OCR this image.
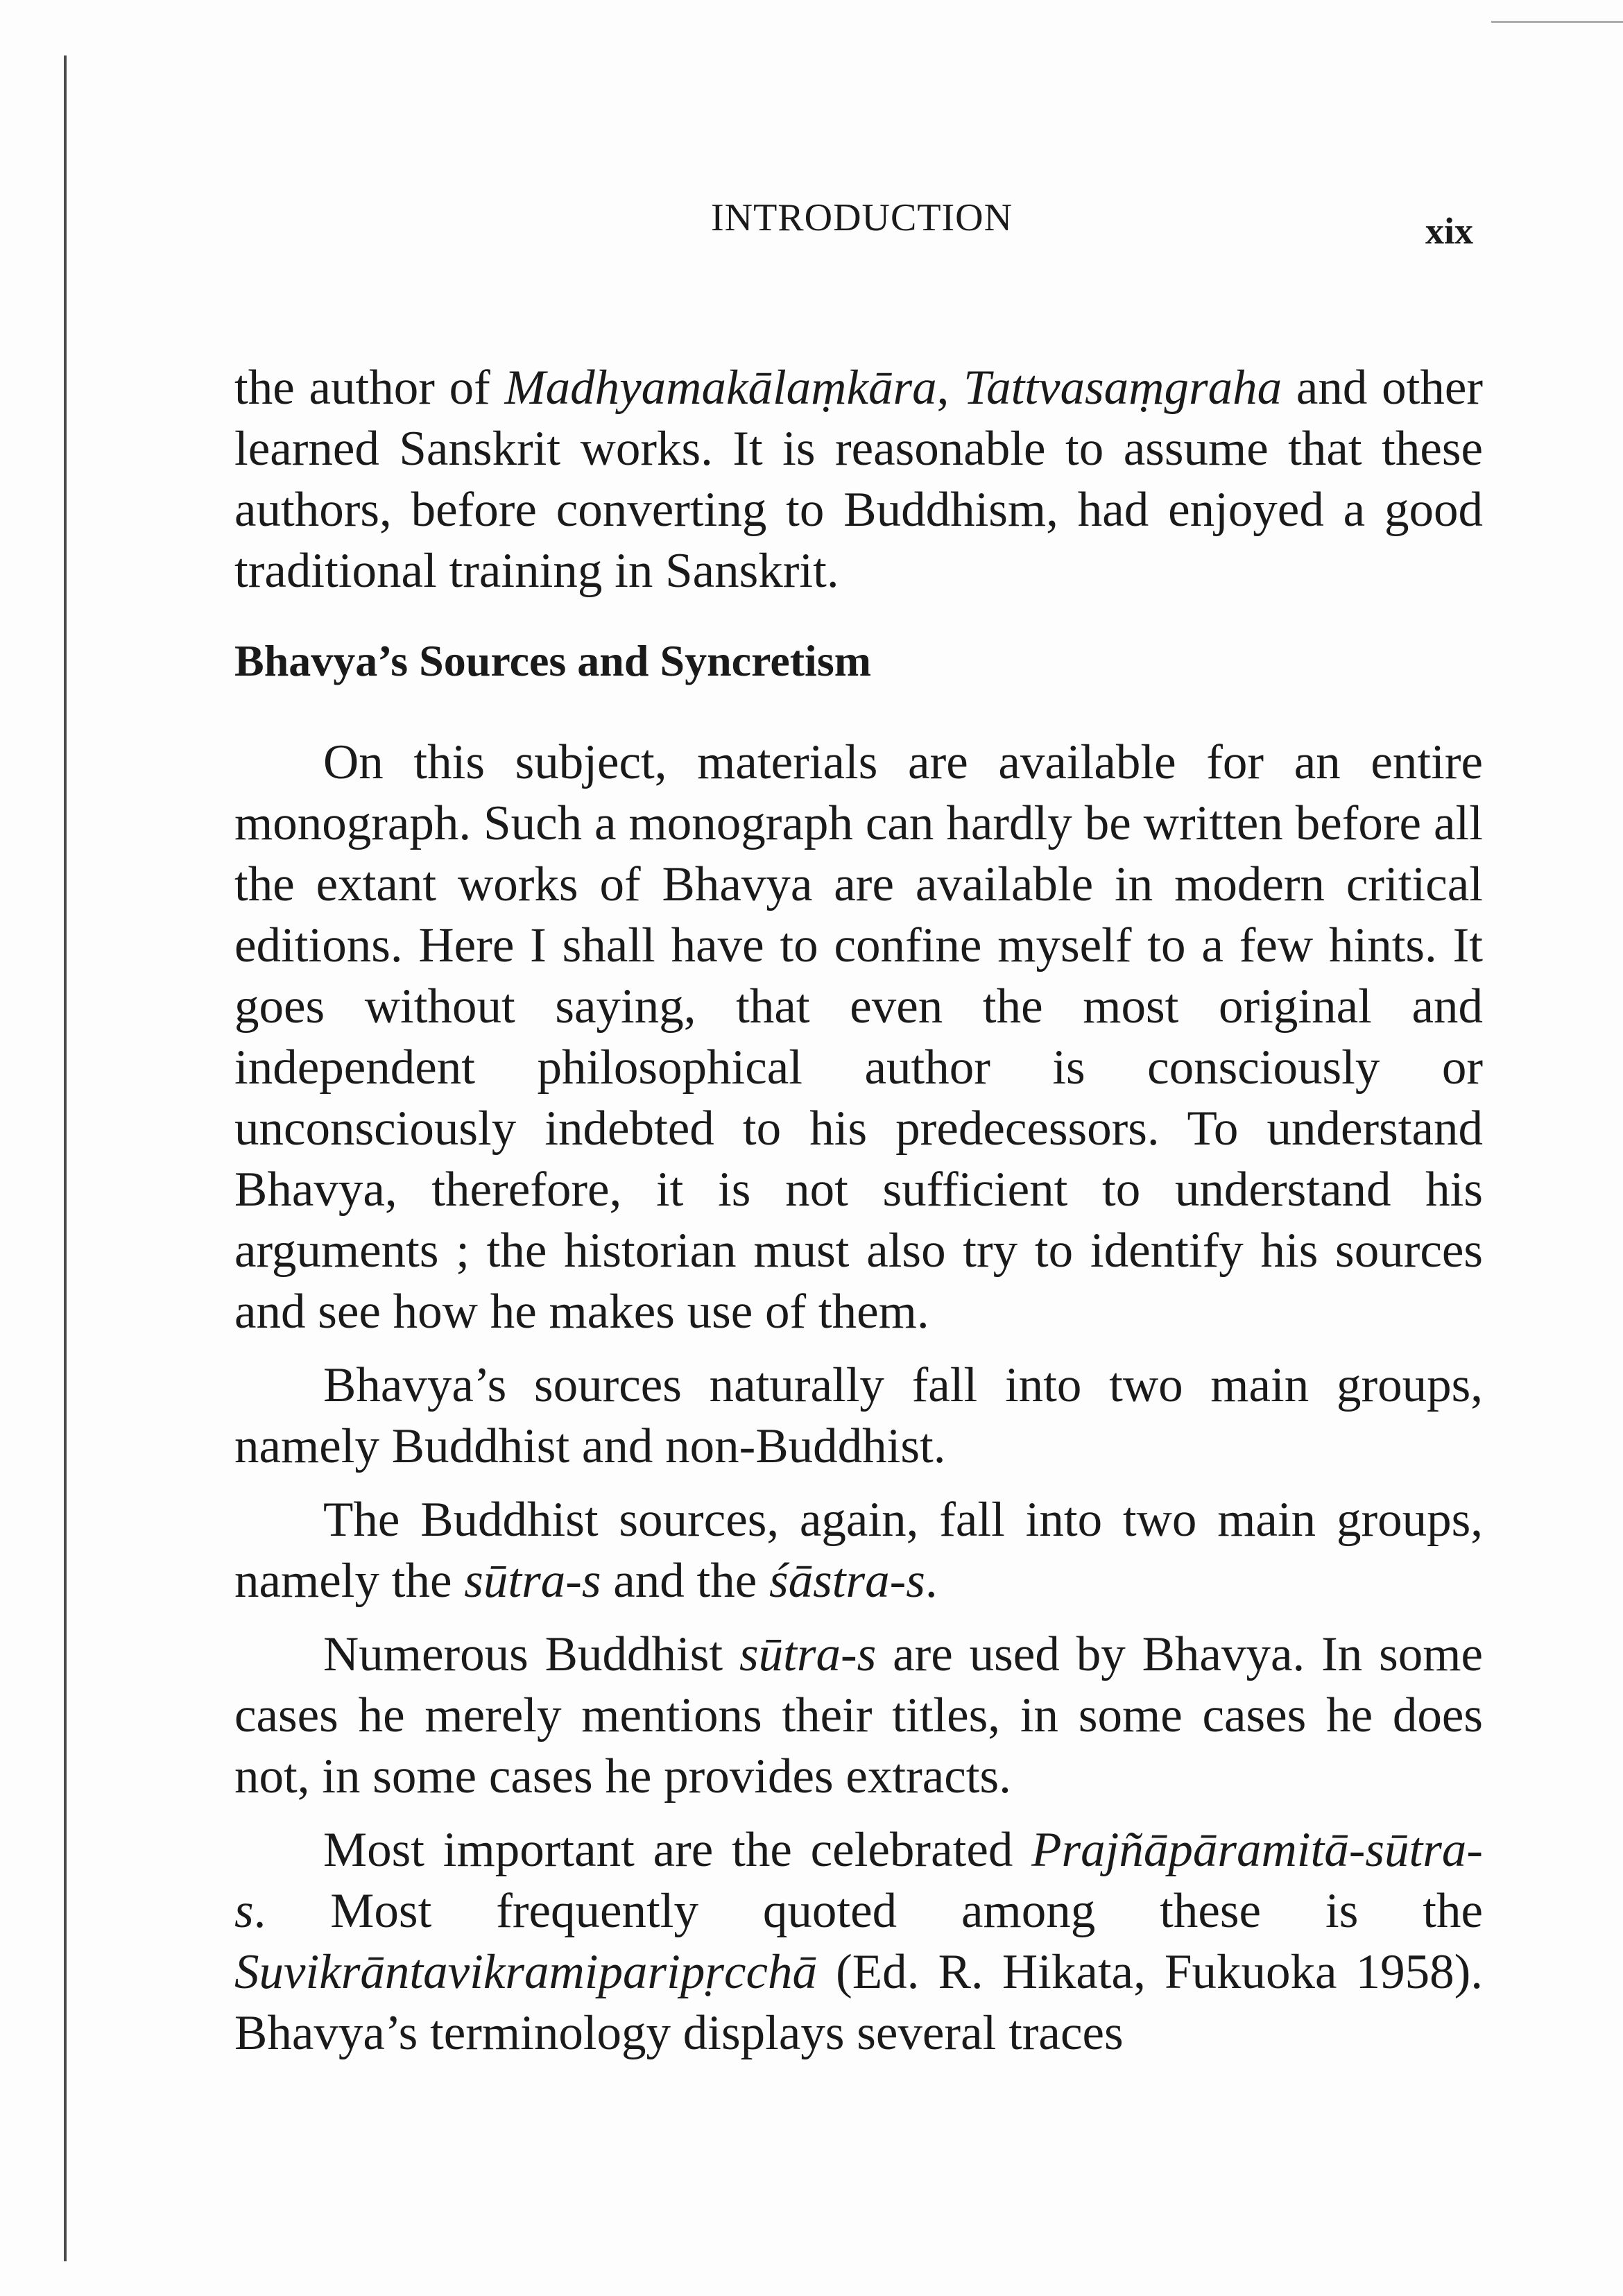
INTRODUCTION	xix

the author of Madhyamakālaṃkāra, Tattvasaṃgraha and other learned Sanskrit works. It is reasonable to assume that these authors, before converting to Buddhism, had enjoyed a good traditional training in Sanskrit.

Bhavya’s Sources and Syncretism

On this subject, materials are available for an entire monograph. Such a monograph can hardly be written before all the extant works of Bhavya are available in modern critical editions. Here I shall have to confine myself to a few hints. It goes without saying, that even the most original and independent philosophical author is consciously or unconsciously indebted to his predecessors. To understand Bhavya, therefore, it is not sufficient to understand his arguments ; the historian must also try to identify his sources and see how he makes use of them.

Bhavya’s sources naturally fall into two main groups, namely Buddhist and non-Buddhist.

The Buddhist sources, again, fall into two main groups, namely the sūtra-s and the śāstra-s.

Numerous Buddhist sūtra-s are used by Bhavya. In some cases he merely mentions their titles, in some cases he does not, in some cases he provides extracts.

Most important are the celebrated Prajñāpāramitā-sūtra-s. Most frequently quoted among these is the Suvikrāntavikramiparipṛcchā (Ed. R. Hikata, Fukuoka 1958). Bhavya’s terminology displays several traces
